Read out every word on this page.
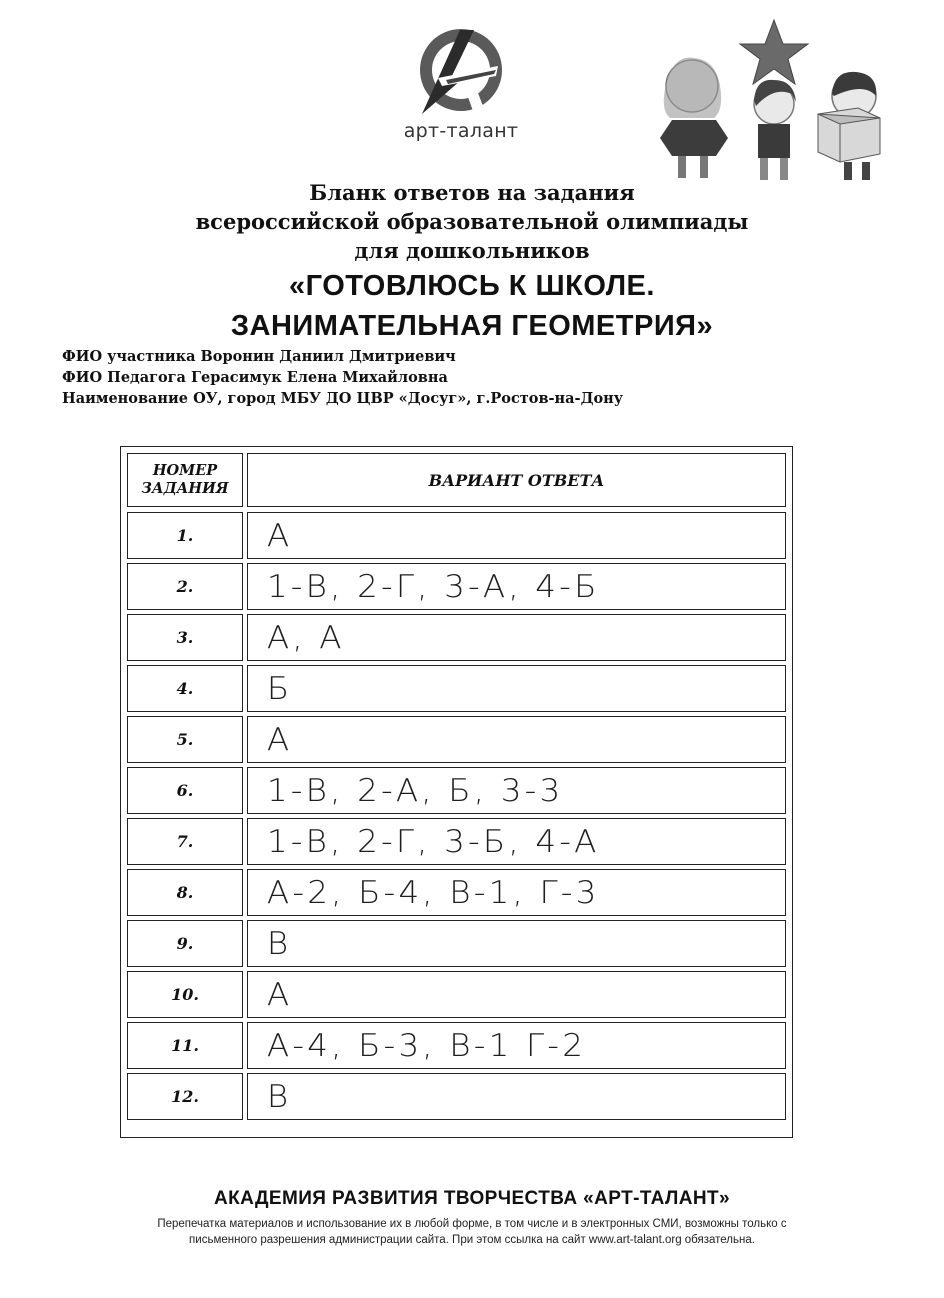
арт-талант
Бланк ответов на задания
всероссийской образовательной олимпиады
для дошкольников
«ГОТОВЛЮСЬ К ШКОЛЕ.
ЗАНИМАТЕЛЬНАЯ ГЕОМЕТРИЯ»
ФИО участника Воронин Даниил Дмитриевич
ФИО Педагога Герасимук Елена Михайловна
Наименование ОУ, город МБУ ДО ЦВР «Досуг», г.Ростов-на-Дону
НОМЕР
ЗАДАНИЯ	ВАРИАНТ ОТВЕТА
1.	А
2.	1-В, 2-Г, 3-А, 4-Б
3.	А, А
4.	Б
5.	А
6.	1-В, 2-А, Б, 3-3
7.	1-В, 2-Г, 3-Б, 4-А
8.	А-2, Б-4, В-1, Г-3
9.	В
10.	А
11.	А-4, Б-3, В-1 Г-2
12.	В
АКАДЕМИЯ РАЗВИТИЯ ТВОРЧЕСТВА «АРТ-ТАЛАНТ»
Перепечатка материалов и использование их в любой форме, в том числе и в электронных СМИ, возможны только с
письменного разрешения администрации сайта. При этом ссылка на сайт www.art-talant.org обязательна.
